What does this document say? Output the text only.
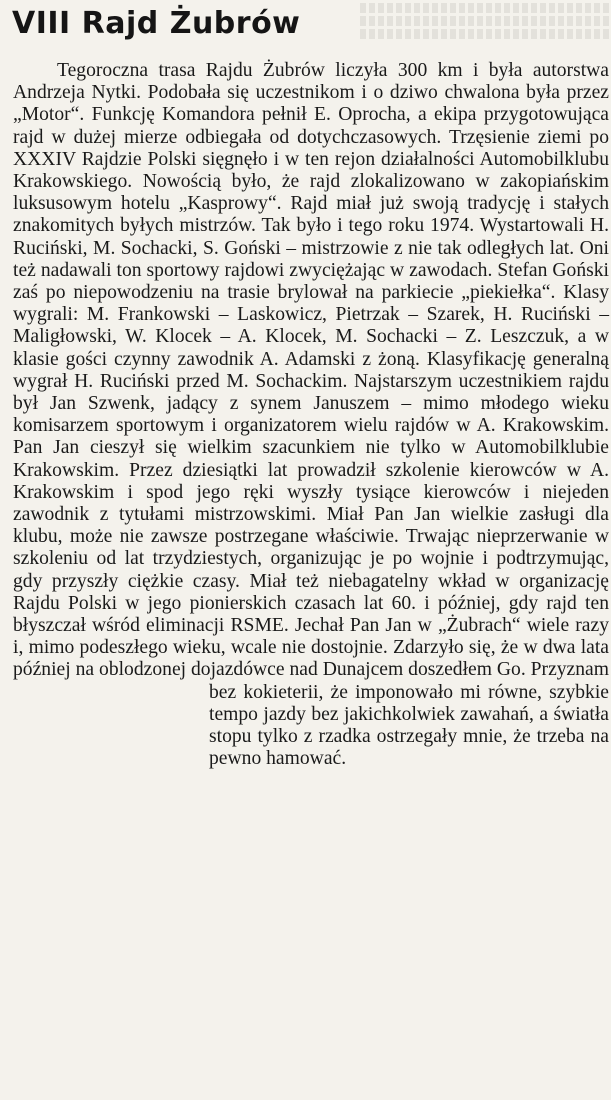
VIII Rajd Żubrów

Tegoroczna trasa Rajdu Żubrów liczyła 300 km i była autorstwa Andrzeja Nytki. Podobała się uczestnikom i o dziwo chwalona była przez „Motor“. Funkcję Komandora pełnił E. Oprocha, a ekipa przygotowująca rajd w dużej mierze odbiegała od dotychczasowych. Trzęsienie ziemi po XXXIV Rajdzie Polski sięgnęło i w ten rejon działalności Automobilklubu Krakowskiego. Nowością było, że rajd zlokalizowano w zakopiańskim luksusowym hotelu „Kasprowy“. Rajd miał już swoją tradycję i stałych znakomitych byłych mistrzów. Tak było i tego roku 1974. Wystartowali H. Ruciński, M. Sochacki, S. Goński – mistrzowie z nie tak odległych lat. Oni też nadawali ton sportowy rajdowi zwyciężając w zawodach. Stefan Goński zaś po niepowodzeniu na trasie brylował na parkiecie „piekiełka“. Klasy wygrali: M. Frankowski – Laskowicz, Pietrzak – Szarek, H. Ruciński – Maligłowski, W. Klocek – A. Klocek, M. Sochacki – Z. Leszczuk, a w klasie gości czynny zawodnik A. Adamski z żoną. Klasyfikację generalną wygrał H. Ruciński przed M. Sochackim. Najstarszym uczestnikiem rajdu był Jan Szwenk, jadący z synem Januszem – mimo młodego wieku komisarzem sportowym i organizatorem wielu rajdów w A. Krakowskim. Pan Jan cieszył się wielkim szacunkiem nie tylko w Automobilklubie Krakowskim. Przez dziesiątki lat prowadził szkolenie kierowców w A. Krakowskim i spod jego ręki wyszły tysiące kierowców i niejeden zawodnik z tytułami mistrzowskimi. Miał Pan Jan wielkie zasługi dla klubu, może nie zawsze postrzegane właściwie. Trwając nieprzerwanie w szkoleniu od lat trzydziestych, organizując je po wojnie i podtrzymując, gdy przyszły ciężkie czasy. Miał też niebagatelny wkład w organizację Rajdu Polski w jego pionierskich czasach lat 60. i później, gdy rajd ten błyszczał wśród eliminacji RSME. Jechał Pan Jan w „Żubrach“ wiele razy i, mimo podeszłego wieku, wcale nie dostojnie. Zdarzyło się, że w dwa lata później na oblodzonej dojazdówce nad Dunajcem doszedłem Go. Przyznam bez kokieterii, że imponowało mi równe, szybkie tempo jazdy bez jakichkolwiek zawahań, a światła stopu tylko z rzadka ostrzegały mnie, że trzeba na pewno hamować.
